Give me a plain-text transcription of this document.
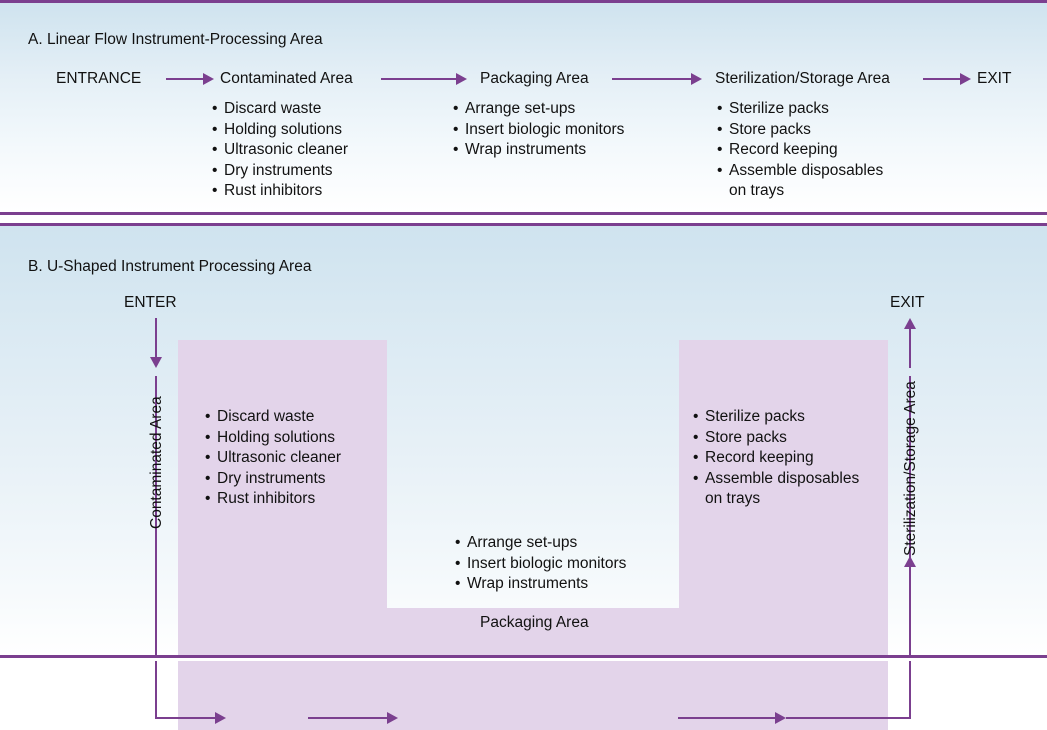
A. Linear Flow Instrument-Processing Area
ENTRANCE	Contaminated Area
• Discard waste
• Holding solutions
• Ultrasonic cleaner
• Dry instruments
• Rust inhibitors
Packaging Area
• Arrange set-ups
• Insert biologic monitors
• Wrap instruments
Sterilization/Storage Area
• Sterilize packs
• Store packs
• Record keeping
• Assemble disposables
on trays
EXIT
B. U-Shaped Instrument Processing Area
ENTER	EXIT
Contaminated Area	• Discard waste
• Holding solutions
• Ultrasonic cleaner
• Dry instruments
• Rust inhibitors
• Arrange set-ups
• Insert biologic monitors
• Wrap instruments
• Sterilize packs
• Store packs
• Record keeping
• Assemble disposables
on trays
Packaging Area
Sterilization/Storage Area
